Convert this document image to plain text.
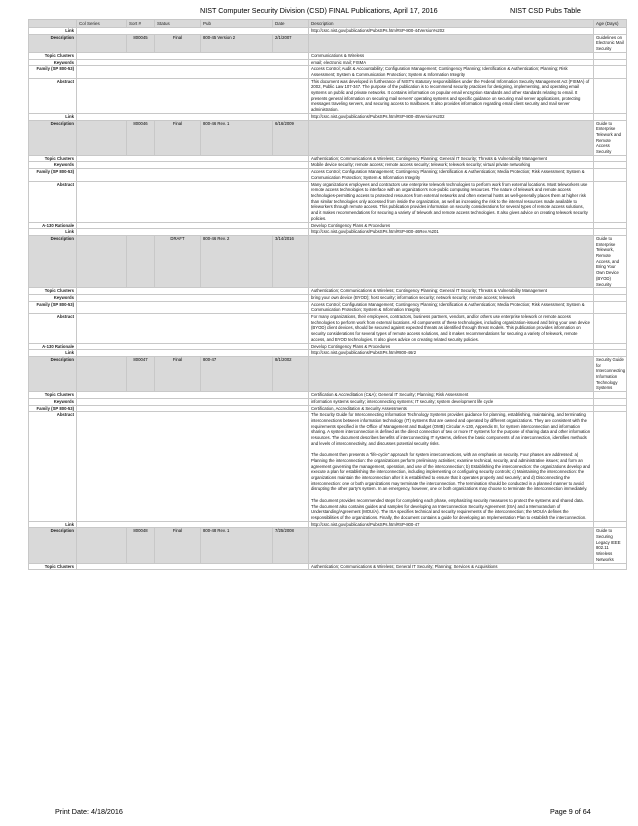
NIST Computer Security Division (CSD) FINAL Publications, April 17, 2016	NIST CSD Pubs Table
	Col Series	Sort #	Status	Pub	Date	Description	Age (Days)	
Link						http://csrc.nist.gov/publications/PubsSPs.html#SP-800-44Version%202		
Description		800045	Final	800-45 Version 2	2/1/2007		Guidelines on Electronic Mail Security	
Topic Clusters						Communications & Wireless		
Keywords						email; electronic mail; FISMA		
Family (SP 800-53)						Access Control; Audit & Accountability; Configuration Management; Contingency Planning; Identification & Authentication; Planning; Risk Assessment; System & Communication Protection; System & Information Integrity		
Abstract						This document was developed in furtherance of NIST's statutory responsibilities under the Federal Information Security Management Act (FISMA) of 2002, Public Law 107-347. The purpose of the publication is to recommend security practices for designing, implementing, and operating email systems on public and private networks. It contains information on popular email encryption standards and other standards relating to email. It presents general information on securing mail servers' operating systems and specific guidance on securing mail server applications, protecting messages traveling servers, and securing access to mailboxes. It also provides information regarding email client security and mail server administration.		
Link						http://csrc.nist.gov/publications/PubsSPs.html#SP-800-45Version%202		
Description		800046	Final	800-46 Rev. 1	6/16/2009		Guide to Enterprise Telework and Remote Access Security	
Topic Clusters						Authentication; Communications & Wireless; Contingency Planning; General IT Security; Threats & Vulnerability Management		
Keywords						Mobile device security; remote access; remote access security; telework; telework security; virtual private networking		
Family (SP 800-53)						Access Control; Configuration Management; Contingency Planning; Identification & Authentication; Media Protection; Risk Assessment; System & Communication Protection; System & Information Integrity		
Abstract						Many organizations employees and contractors use enterprise telework technologies to perform work from external locations. Most teleworkers use remote access technologies to interface with an organization's non-public computing resources. The nature of telework and remote access technologies-permitting access to protected resources from external networks and often external hosts as well-generally places them at higher risk than similar technologies only accessed from inside the organization, as well as increasing the risk to the internal resources made available to teleworkers through remote access. This publication provides information on security considerations for several types of remote access solutions, and it makes recommendations for securing a variety of telework and remote access technologies. It also gives advice on creating telework security policies.		
A-130 Rationale						Develop Contingency Plans & Procedures		
Link						http://csrc.nist.gov/publications/PubsSPs.html#SP-800-46Rev.%201		
Description			DRAFT	800-46 Rev. 2	3/14/2016		Guide to Enterprise Telework, Remote Access, and Bring Your Own Device (BYOD) Security	
Topic Clusters						Authentication; Communications & Wireless; Contingency Planning; General IT Security; Threats & Vulnerability Management		
Keywords						bring your own device (BYOD); host security; information security; network security; remote access; telework		
Family (SP 800-53)						Access Control; Configuration Management; Contingency Planning; Identification & Authentication; Media Protection; Risk Assessment; System & Communication Protection; System & Information Integrity		
Abstract						For many organizations, their employees, contractors, business partners, vendors, and/or others use enterprise telework or remote access technologies to perform work from external locations. All components of these technologies, including organization-issued and bring your own device (BYOD) client devices, should be secured against expected threats as identified through threat models. This publication provides information on security considerations for several types of remote access solutions, and it makes recommendations for securing a variety of telework, remote access, and BYOD technologies. It also gives advice on creating related security policies.		
A-130 Rationale						Develop Contingency Plans & Procedures		
Link						http://csrc.nist.gov/publications/PubsSPs.html#800-46r2		
Description		800047	Final	800-47	8/1/2002		Security Guide for Interconnecting Information Technology Systems	
Topic Clusters						Certification & Accreditation (C&A); General IT Security; Planning; Risk Assessment		
Keywords						information systems security; interconnecting systems; IT security; system development life cycle		
Family (SP 800-53)						Certification, Accreditation & Security Assessments		
Abstract						The Security Guide for Interconnecting Information Technology Systems provides guidance for planning, establishing, maintaining, and terminating interconnections between information technology (IT) systems that are owned and operated by different organizations. They are consistent with the requirements specified in the Office of Management and Budget (OMB) Circular A-130, Appendix III, for system interconnection and information sharing. A system interconnection is defined as the direct connection of two or more IT systems for the purpose of sharing data and other information resources. The document describes benefits of interconnecting IT systems, defines the basic components of an interconnection, identifies methods and levels of interconnectivity, and discusses potential security risks.
The document then presents a "life-cycle" approach for system interconnections, with an emphasis on security. Four phases are addressed: a) Planning the interconnection: the organizations perform preliminary activities; examine technical, security, and administrative issues; and form an agreement governing the management, operation, and use of the interconnection; b) Establishing the interconnection: the organizations develop and execute a plan for establishing the interconnection, including implementing or configuring security controls; c) Maintaining the interconnection: the organizations maintain the interconnection after it is established to ensure that it operates properly and securely; and d) Disconnecting the interconnection: one or both organizations may terminate the interconnection. The termination should be conducted in a planned manner to avoid disrupting the other party's system. In an emergency, however, one or both organizations may choose to terminate the interconnection immediately.
The document provides recommended steps for completing each phase, emphasizing security measures to protect the systems and shared data. The document also contains guides and samples for developing an Interconnection Security Agreement (ISA) and a Memorandum of Understanding/Agreement (MOU/A). The ISA specifies technical and security requirements of the interconnection; the MOU/A defines the responsibilities of the organizations. Finally, the document contains a guide for developing an Implementation Plan to establish the interconnection.		

Link						http://csrc.nist.gov/publications/PubsSPs.html#SP-800-47		
Description		800048	Final	800-48 Rev. 1	7/25/2008		Guide to Securing Legacy IEEE 802.11 Wireless Networks	
Topic Clusters						Authentication; Communications & Wireless; General IT Security; Planning; Services & Acquisitions		
Print Date: 4/18/2016	Page 9 of 64
